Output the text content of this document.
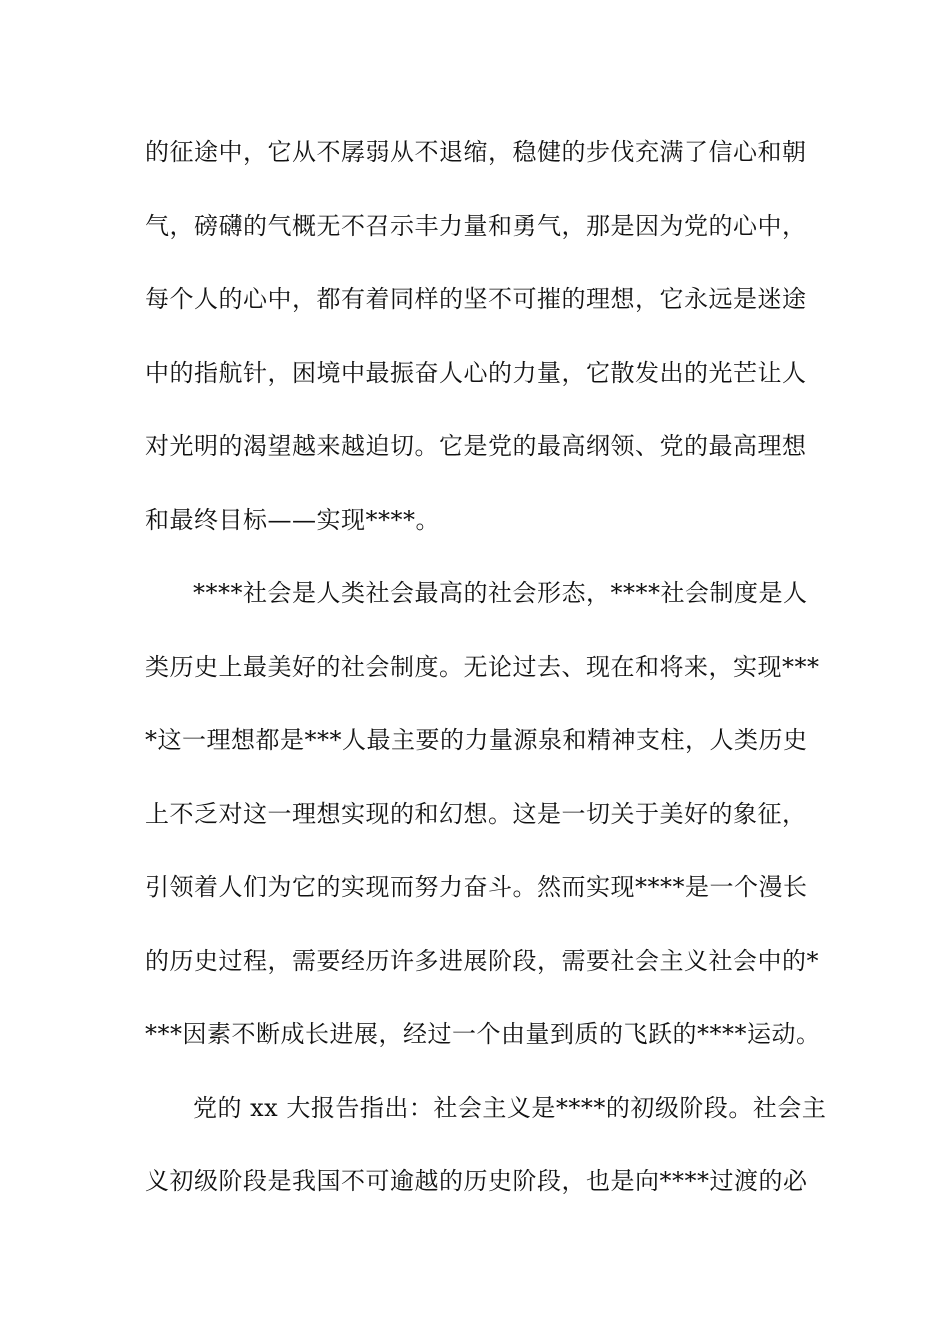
的征途中，它从不孱弱从不退缩，稳健的步伐充满了信心和朝
气，磅礴的气概无不召示丰力量和勇气，那是因为党的心中，
每个人的心中，都有着同样的坚不可摧的理想，它永远是迷途
中的指航针，困境中最振奋人心的力量，它散发出的光芒让人
对光明的渴望越来越迫切。它是党的最高纲领、党的最高理想
和最终目标——实现****。
****社会是人类社会最高的社会形态，****社会制度是人
类历史上最美好的社会制度。无论过去、现在和将来，实现***
*这一理想都是***人最主要的力量源泉和精神支柱，人类历史
上不乏对这一理想实现的和幻想。这是一切关于美好的象征，
引领着人们为它的实现而努力奋斗。然而实现****是一个漫长
的历史过程，需要经历许多进展阶段，需要社会主义社会中的*
***因素不断成长进展，经过一个由量到质的飞跃的****运动。
党的 xx 大报告指出：社会主义是****的初级阶段。社会主
义初级阶段是我国不可逾越的历史阶段，也是向****过渡的必
